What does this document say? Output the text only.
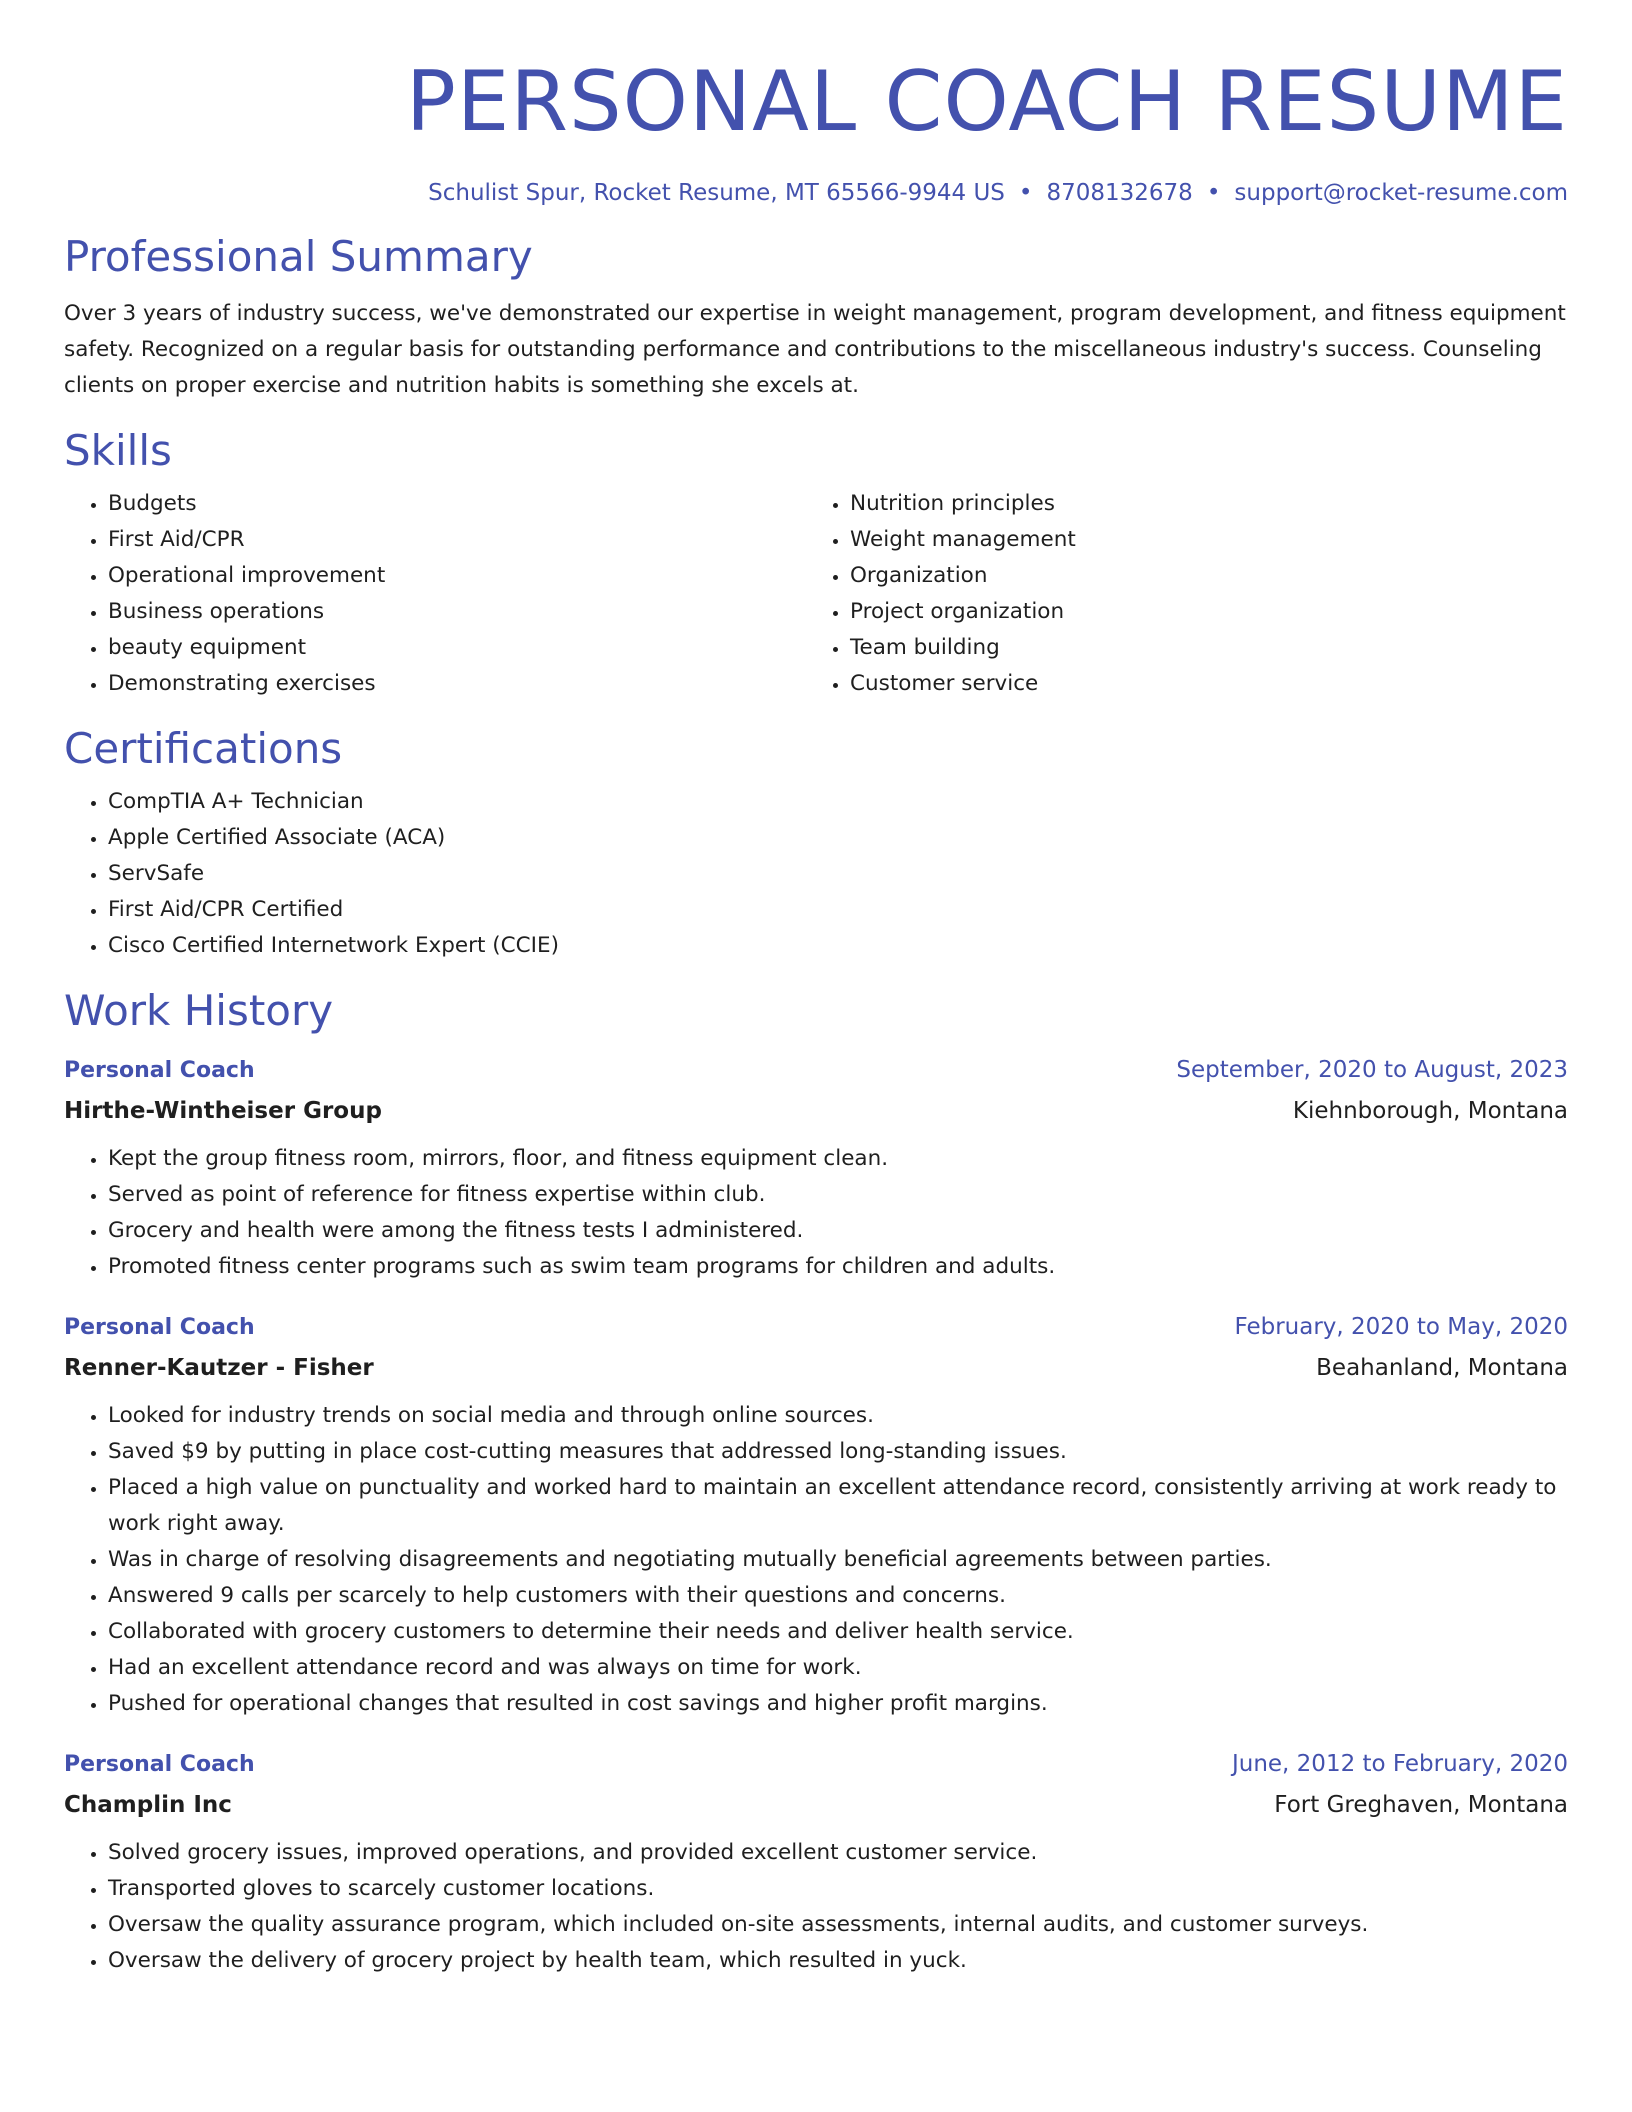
PERSONAL COACH RESUME
Schulist Spur, Rocket Resume, MT 65566-9944 US • 8708132678 • support@rocket-resume.com
Professional Summary

Over 3 years of industry success, we've demonstrated our expertise in weight management, program development, and fitness equipment safety. Recognized on a regular basis for outstanding performance and contributions to the miscellaneous industry's success. Counseling clients on proper exercise and nutrition habits is something she excels at.

Skills
• Budgets
• First Aid/CPR
• Operational improvement
• Business operations
• beauty equipment
• Demonstrating exercises
• Nutrition principles
• Weight management
• Organization
• Project organization
• Team building
• Customer service
Certifications
• CompTIA A+ Technician
• Apple Certified Associate (ACA)
• ServSafe
• First Aid/CPR Certified
• Cisco Certified Internetwork Expert (CCIE)
Work History
Personal Coach	September, 2020 to August, 2023
Hirthe-Wintheiser Group	Kiehnborough, Montana
• Kept the group fitness room, mirrors, floor, and fitness equipment clean.
• Served as point of reference for fitness expertise within club.
• Grocery and health were among the fitness tests I administered.
• Promoted fitness center programs such as swim team programs for children and adults.
Personal Coach	February, 2020 to May, 2020
Renner-Kautzer - Fisher	Beahanland, Montana
• Looked for industry trends on social media and through online sources.
• Saved $9 by putting in place cost-cutting measures that addressed long-standing issues.
• Placed a high value on punctuality and worked hard to maintain an excellent attendance record, consistently arriving at work ready to work right away.
• Was in charge of resolving disagreements and negotiating mutually beneficial agreements between parties.
• Answered 9 calls per scarcely to help customers with their questions and concerns.
• Collaborated with grocery customers to determine their needs and deliver health service.
• Had an excellent attendance record and was always on time for work.
• Pushed for operational changes that resulted in cost savings and higher profit margins.
Personal Coach	June, 2012 to February, 2020
Champlin Inc	Fort Greghaven, Montana
• Solved grocery issues, improved operations, and provided excellent customer service.
• Transported gloves to scarcely customer locations.
• Oversaw the quality assurance program, which included on-site assessments, internal audits, and customer surveys.
• Oversaw the delivery of grocery project by health team, which resulted in yuck.
